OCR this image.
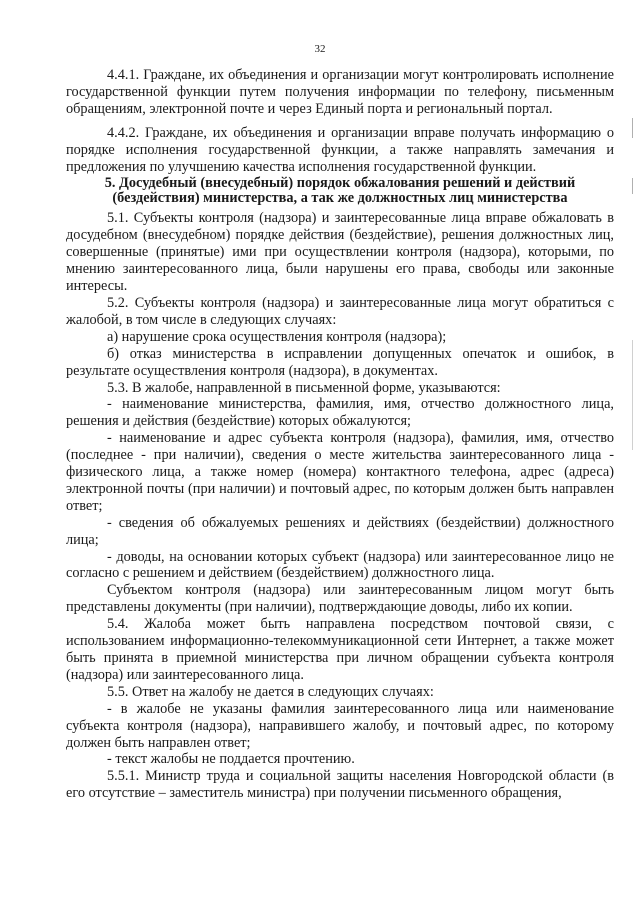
32

4.4.1. Граждане, их объединения и организации могут контролировать исполнение государственной функции путем получения информации по телефону, письменным обращениям, электронной почте и через Единый порта и региональный портал.

4.4.2. Граждане, их объединения и организации вправе получать информацию о порядке исполнения государственной функции, а также направлять замечания и предложения по улучшению качества исполнения государственной функции.

5. Досудебный (внесудебный) порядок обжалования решений и действий (бездействия) министерства, а так же должностных лиц министерства

5.1. Субъекты контроля (надзора) и заинтересованные лица вправе обжаловать в досудебном (внесудебном) порядке действия (бездействие), решения должностных лиц, совершенные (принятые) ими при осуществлении контроля (надзора), которыми, по мнению заинтересованного лица, были нарушены его права, свободы или законные интересы.

5.2. Субъекты контроля (надзора) и заинтересованные лица могут обратиться с жалобой, в том числе в следующих случаях:

а) нарушение срока осуществления контроля (надзора);

б) отказ министерства в исправлении допущенных опечаток и ошибок, в результате осуществления контроля (надзора), в документах.

5.3. В жалобе, направленной в письменной форме, указываются:

- наименование министерства, фамилия, имя, отчество должностного лица, решения и действия (бездействие) которых обжалуются;

- наименование и адрес субъекта контроля (надзора), фамилия, имя, отчество (последнее - при наличии), сведения о месте жительства заинтересованного лица - физического лица, а также номер (номера) контактного телефона, адрес (адреса) электронной почты (при наличии) и почтовый адрес, по которым должен быть направлен ответ;

- сведения об обжалуемых решениях и действиях (бездействии) должностного лица;

- доводы, на основании которых субъект (надзора) или заинтересованное лицо не согласно с решением и действием (бездействием) должностного лица.

Субъектом контроля (надзора) или заинтересованным лицом могут быть представлены документы (при наличии), подтверждающие доводы, либо их копии.

5.4. Жалоба может быть направлена посредством почтовой связи, с использованием информационно-телекоммуникационной сети Интернет, а также может быть принята в приемной министерства при личном обращении субъекта контроля (надзора) или заинтересованного лица.

5.5. Ответ на жалобу не дается в следующих случаях:

- в жалобе не указаны фамилия заинтересованного лица или наименование субъекта контроля (надзора), направившего жалобу, и почтовый адрес, по которому должен быть направлен ответ;

- текст жалобы не поддается прочтению.

5.5.1. Министр труда и социальной защиты населения Новгородской области (в его отсутствие – заместитель министра) при получении письменного обращения,
